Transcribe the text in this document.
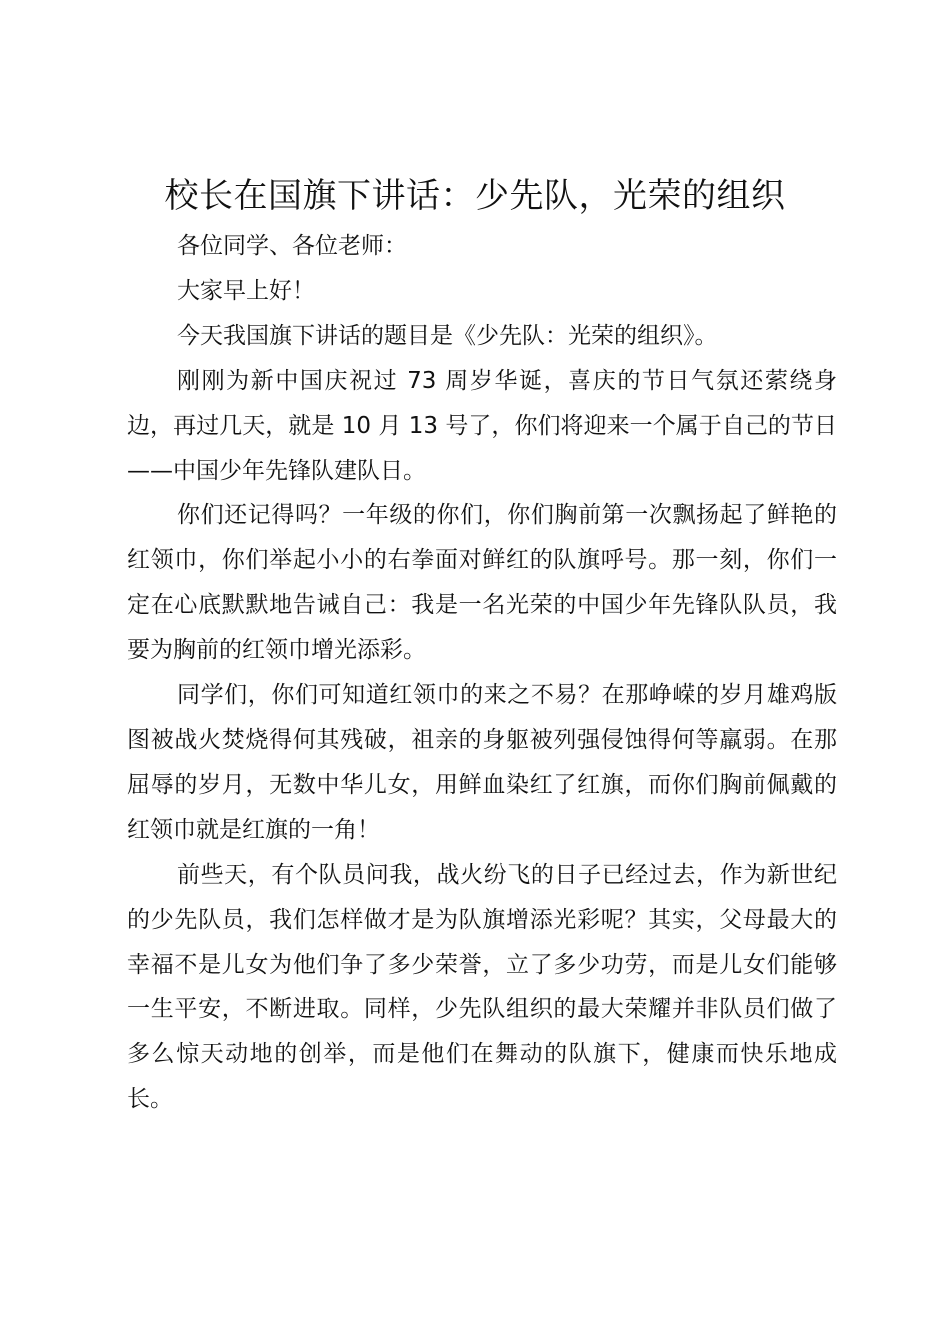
校长在国旗下讲话：少先队，光荣的组织

各位同学、各位老师：

大家早上好！

今天我国旗下讲话的题目是《少先队：光荣的组织》。

刚刚为新中国庆祝过 73 周岁华诞，喜庆的节日气氛还萦绕身边，再过几天，就是 10 月 13 号了，你们将迎来一个属于自己的节日——中国少年先锋队建队日。

你们还记得吗？一年级的你们，你们胸前第一次飘扬起了鲜艳的红领巾，你们举起小小的右拳面对鲜红的队旗呼号。那一刻，你们一定在心底默默地告诫自己：我是一名光荣的中国少年先锋队队员，我要为胸前的红领巾增光添彩。

同学们，你们可知道红领巾的来之不易？在那峥嵘的岁月雄鸡版图被战火焚烧得何其残破，祖亲的身躯被列强侵蚀得何等羸弱。在那屈辱的岁月，无数中华儿女，用鲜血染红了红旗，而你们胸前佩戴的红领巾就是红旗的一角！

前些天，有个队员问我，战火纷飞的日子已经过去，作为新世纪的少先队员，我们怎样做才是为队旗增添光彩呢？其实，父母最大的幸福不是儿女为他们争了多少荣誉，立了多少功劳，而是儿女们能够一生平安，不断进取。同样，少先队组织的最大荣耀并非队员们做了多么惊天动地的创举，而是他们在舞动的队旗下，健康而快乐地成长。
